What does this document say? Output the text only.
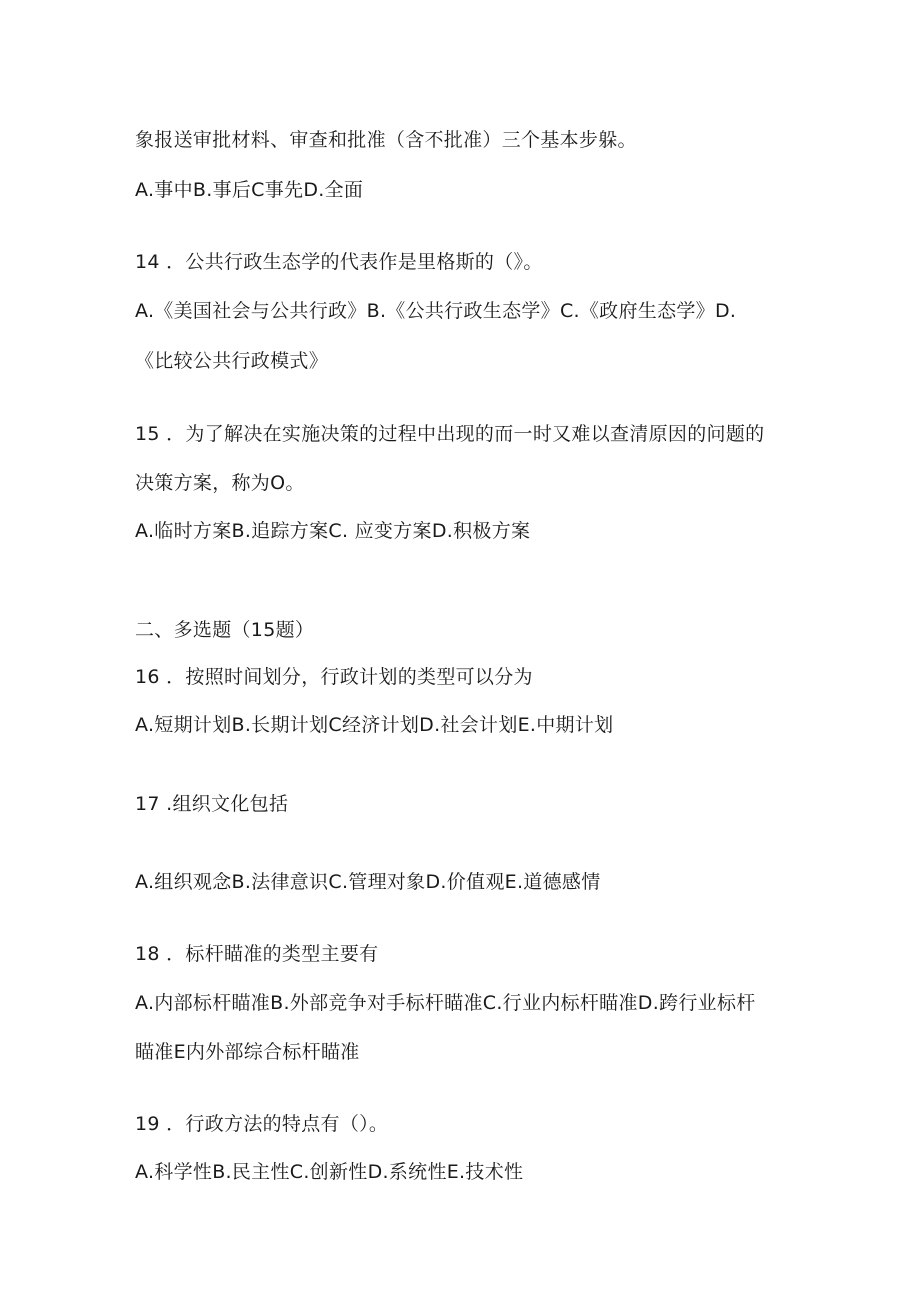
象报送审批材料、审查和批准（含不批准）三个基本步躲。
A.事中B.事后C事先D.全面
14 ．公共行政生态学的代表作是里格斯的（》。
A.《美国社会与公共行政》B.《公共行政生态学》C.《政府生态学》D.
《比较公共行政模式》
15 ．为了解决在实施决策的过程中出现的而一时又难以查清原因的问题的
决策方案，称为O。
A.临时方案B.追踪方案C. 应变方案D.积极方案
二、多选题（15题）
16 ．按照时间划分，行政计划的类型可以分为
A.短期计划B.长期计划C经济计划D.社会计划E.中期计划
17 .组织文化包括
A.组织观念B.法律意识C.管理对象D.价值观E.道德感情
18 ．标杆瞄准的类型主要有
A.内部标杆瞄准B.外部竞争对手标杆瞄准C.行业内标杆瞄准D.跨行业标杆
瞄准E内外部综合标杆瞄准
19 ．行政方法的特点有（）。
A.科学性B.民主性C.创新性D.系统性E.技术性
